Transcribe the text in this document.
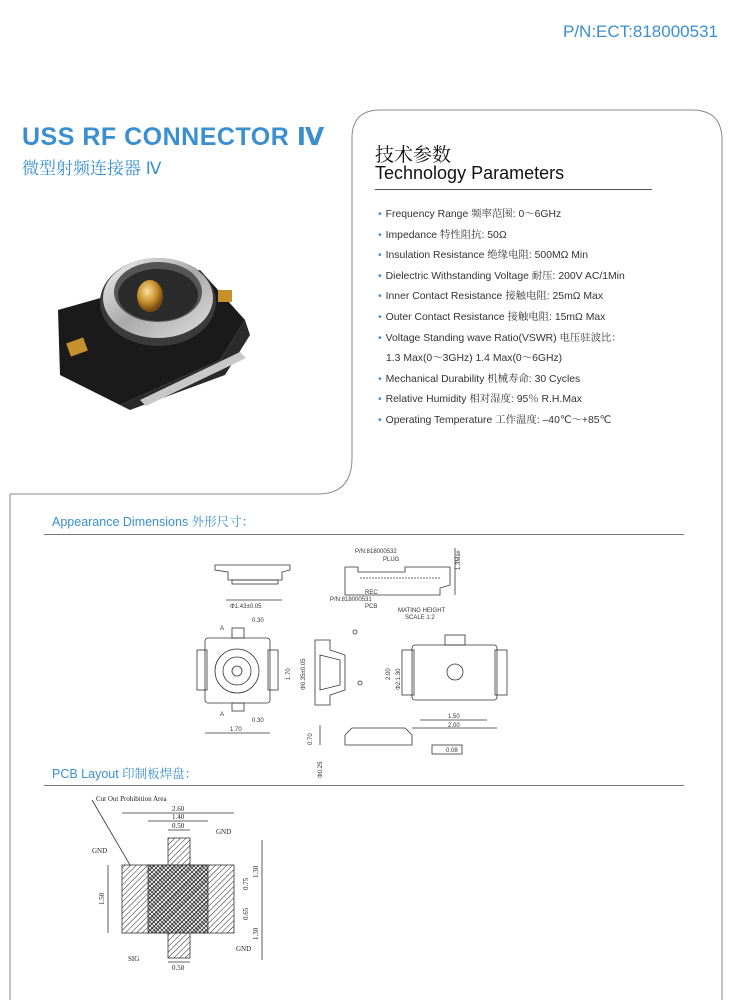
P/N:ECT:818000531
USS RF CONNECTOR Ⅳ
微型射频连接器 Ⅳ
技术参数
Technology Parameters
• Frequency Range 频率范围: 0～6GHz
• Impedance 特性阻抗: 50Ω
• Insulation Resistance 绝缘电阻: 500MΩ Min
• Dielectric Withstanding Voltage 耐压: 200V AC/1Min
• Inner Contact Resistance 接触电阻: 25mΩ Max
• Outer Contact Resistance 接触电阻: 15mΩ Max
• Voltage Standing wave Ratio(VSWR) 电压驻波比：
1.3 Max(0～3GHz) 1.4 Max(0～6GHz)
• Mechanical Durability 机械寿命: 30 Cycles
• Relative Humidity 相对湿度: 95％ R.H.Max
• Operating Temperature 工作温度: –40℃～+85℃
Appearance Dimensions 外形尺寸：
Φ1.43±0.05
P/N:818000532
PLUG
REC
P/N:818000531
PCB
MATING HEIGHT
SCALE 1:2
1.3Max
A
0.30
1.70
A
0.30
1.70
Φ0.35±0.05	2.00 Φ2.1.30
1.50
2.00
0.70
Φ0.25
0.08
PCB Layout 印制板焊盘：
Cut Out Prohibition Area
2.60
1.40
0.50
GND
GND
1.50
1.30
0.75
0.65
1.30
GND
SIG
0.50
